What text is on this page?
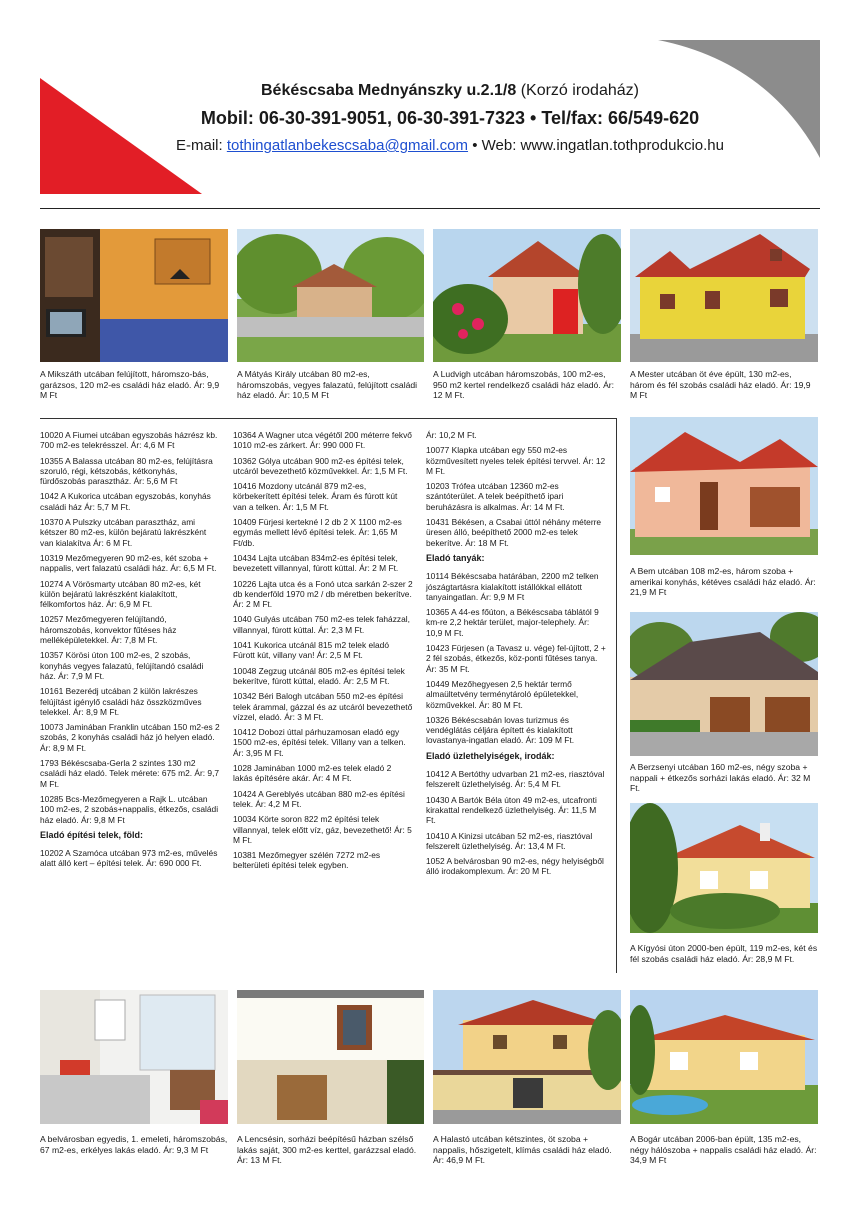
Békéscsaba Mednyánszky u.2.1/8 (Korzó irodaház)
Mobil: 06-30-391-9051, 06-30-391-7323 • Tel/fax: 66/549-620
E-mail: tothingatlanbekescsaba@gmail.com • Web: www.ingatlan.tothprodukcio.hu
A Mikszáth utcában felújított, háromszo-bás, garázsos, 120 m2-es családi ház eladó. Ár: 9,9 M Ft
A Mátyás Király utcában 80 m2-es, háromszobás, vegyes falazatú, felújított családi ház eladó. Ár: 10,5 M Ft
A Ludvigh utcában háromszobás, 100 m2-es, 950 m2 kertel rendelkező családi ház eladó. Ár: 12 M Ft.
A Mester utcában öt éve épült, 130 m2-es, három és fél szobás családi ház eladó. Ár: 19,9 M Ft

10020 A Fiumei utcában egyszobás házrész kb. 700 m2-es telekrésszel. Ár: 4,6 M Ft

10355 A Balassa utcában 80 m2-es, felújításra szoruló, régi, kétszobás, kétkonyhás, fürdőszobás parasztház. Ár: 5,6 M Ft

1042 A Kukorica utcában egyszobás, konyhás családi ház Ár: 5,7 M Ft.

10370 A Pulszky utcában parasztház, ami kétszer 80 m2-es, külön bejáratú lakrészként van kialakítva Ár: 6 M Ft.

10319 Mezőmegyeren 90 m2-es, két szoba + nappalis, vert falazatú családi ház. Ár: 6,5 M Ft.

10274 A Vörösmarty utcában 80 m2-es, két külön bejáratú lakrészként kialakított, félkomfortos ház. Ár: 6,9 M Ft.

10257 Mezőmegyeren felújítandó, háromszobás, konvektor fűtéses ház melléképületekkel. Ár: 7,8 M Ft.

10357 Körösi úton 100 m2-es, 2 szobás, konyhás vegyes falazatú, felújítandó családi ház. Ár: 7,9 M Ft.

10161 Bezerédj utcában 2 külön lakrészes felújítást igénylő családi ház összközműves telekkel. Ár: 8,9 M Ft.

10073 Jaminában Franklin utcában 150 m2-es 2 szobás, 2 konyhás családi ház jó helyen eladó. Ár: 8,9 M Ft.

1793 Békéscsaba-Gerla 2 szintes 130 m2 családi ház eladó. Telek mérete: 675 m2. Ár: 9,7 M Ft.

10285 Bcs-Mezőmegyeren a Rajk L. utcában 100 m2-es, 2 szobás+nappalis, étkezős, családi ház eladó. Ár: 9,8 M Ft

Eladó építési telek, föld:

10202 A Szamóca utcában 973 m2-es, művelés alatt álló kert – építési telek. Ár: 690 000 Ft.

10364 A Wagner utca végétől 200 méterre fekvő 1010 m2-es zárkert. Ár: 990 000 Ft.

10362 Gólya utcában 900 m2-es építési telek, utcáról bevezethető közművekkel. Ár: 1,5 M Ft.

10416 Mozdony utcánál 879 m2-es, körbekerített építési telek. Áram és fúrott kút van a telken. Ár: 1,5 M Ft.

10409 Fürjesi kertekné l 2 db 2 X 1100 m2-es egymás mellett lévő építési telek. Ár: 1,65 M Ft/db.

10434 Lajta utcában 834m2-es építési telek, bevezetett villannyal, fúrott kúttal. Ár: 2 M Ft.

10226 Lajta utca és a Fonó utca sarkán 2-szer 2 db kenderföld 1970 m2 / db méretben bekerítve. Ár: 2 M Ft.

1040 Gulyás utcában 750 m2-es telek faházzal, villannyal, fúrott kúttal. Ár: 2,3 M Ft.

1041 Kukorica utcánál 815 m2 telek eladó Fúrott kút, villany van! Ár: 2,5 M Ft.

10048 Zegzug utcánál 805 m2-es építési telek bekerítve, fúrott kúttal, eladó. Ár: 2,5 M Ft.

10342 Béri Balogh utcában 550 m2-es építési telek árammal, gázzal és az utcáról bevezethető vízzel, eladó. Ár: 3 M Ft.

10412 Dobozi úttal párhuzamosan eladó egy 1500 m2-es, építési telek. Villany van a telken. Ár: 3,95 M Ft.

1028 Jaminában 1000 m2-es telek eladó 2 lakás építésére akár. Ár: 4 M Ft.

10424 A Gereblyés utcában 880 m2-es építési telek. Ár: 4,2 M Ft.

10034 Körte soron 822 m2 építési telek villannyal, telek előtt víz, gáz, bevezethető! Ár: 5 M Ft.

10381 Mezőmegyer szélén 7272 m2-es belterületi építési telek egyben.

Ár: 10,2 M Ft.

10077 Klapka utcában egy 550 m2-es közművesített nyeles telek építési tervvel. Ár: 12 M Ft.

10203 Trófea utcában 12360 m2-es szántóterület. A telek beépíthető ipari beruházásra is alkalmas. Ár: 14 M Ft.

10431 Békésen, a Csabai úttól néhány méterre üresen álló, beépíthető 2000 m2-es telek bekerítve. Ár: 18 M Ft.

Eladó tanyák:

10114 Békéscsaba határában, 2200 m2 telken jószágtartásra kialakított istállókkal ellátott tanyaingatlan. Ár: 9,9 M Ft

10365 A 44-es főúton, a Békéscsaba táblától 9 km-re 2,2 hektár terület, major-telephely. Ár: 10,9 M Ft.

10423 Fürjesen (a Tavasz u. vége) fel-újított, 2 + 2 fél szobás, étkezős, köz-ponti fűtéses tanya. Ár: 35 M Ft.

10449 Mezőhegyesen 2,5 hektár termő almaültetvény terménytároló épületekkel, közművekkel. Ár: 80 M Ft.

10326 Békéscsabán lovas turizmus és vendéglátás céljára épített és kialakított lovastanya-ingatlan eladó. Ár: 109 M Ft.

Eladó üzlethelyiségek, irodák:

10412 A Bertóthy udvarban 21 m2-es, riasztóval felszerelt üzlethelyiség. Ár: 5,4 M Ft.

10430 A Bartók Béla úton 49 m2-es, utcafronti kirakattal rendelkező üzlethelyiség. Ár: 11,5 M Ft.

10410 A Kinizsi utcában 52 m2-es, riasztóval felszerelt üzlethelyiség. Ár: 13,4 M Ft.

1052 A belvárosban 90 m2-es, négy helyiségből álló irodakomplexum. Ár: 20 M Ft.

A Bem utcában 108 m2-es, három szoba + amerikai konyhás, kétéves családi ház eladó. Ár: 21,9 M Ft
A Berzsenyi utcában 160 m2-es, négy szoba + nappali + étkezős sorházi lakás eladó. Ár: 32 M Ft.
A Kígyósi úton 2000-ben épült, 119 m2-es, két és fél szobás családi ház eladó. Ár: 28,9 M Ft.
A belvárosban egyedis, 1. emeleti, háromszobás, 67 m2-es, erkélyes lakás eladó. Ár: 9,3 M Ft
A Lencsésin, sorházi beépítésű házban szélső lakás saját, 300 m2-es kerttel, garázzsal eladó. Ár: 13 M Ft.
A Halastó utcában kétszintes, öt szoba + nappalis, hőszigetelt, klímás családi ház eladó. Ár: 46,9 M Ft.
A Bogár utcában 2006-ban épült, 135 m2-es, négy hálószoba + nappalis családi ház eladó. Ár: 34,9 M Ft
